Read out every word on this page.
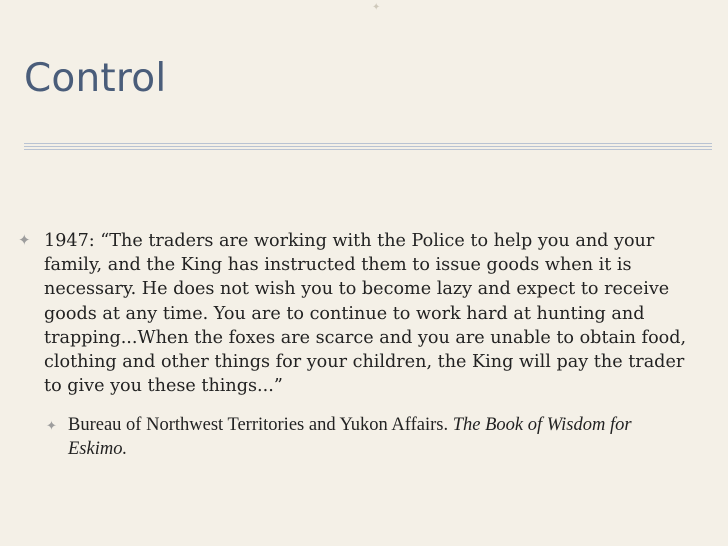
✦
Control
✦ 1947: “The traders are working with the Police to help you and your family, and the King has instructed them to issue goods when it is necessary. He does not wish you to become lazy and expect to receive goods at any time. You are to continue to work hard at hunting and trapping...When the foxes are scarce and you are unable to obtain food, clothing and other things for your children, the King will pay the trader to give you these things...”

✦ Bureau of Northwest Territories and Yukon Affairs. The Book of Wisdom for Eskimo.
